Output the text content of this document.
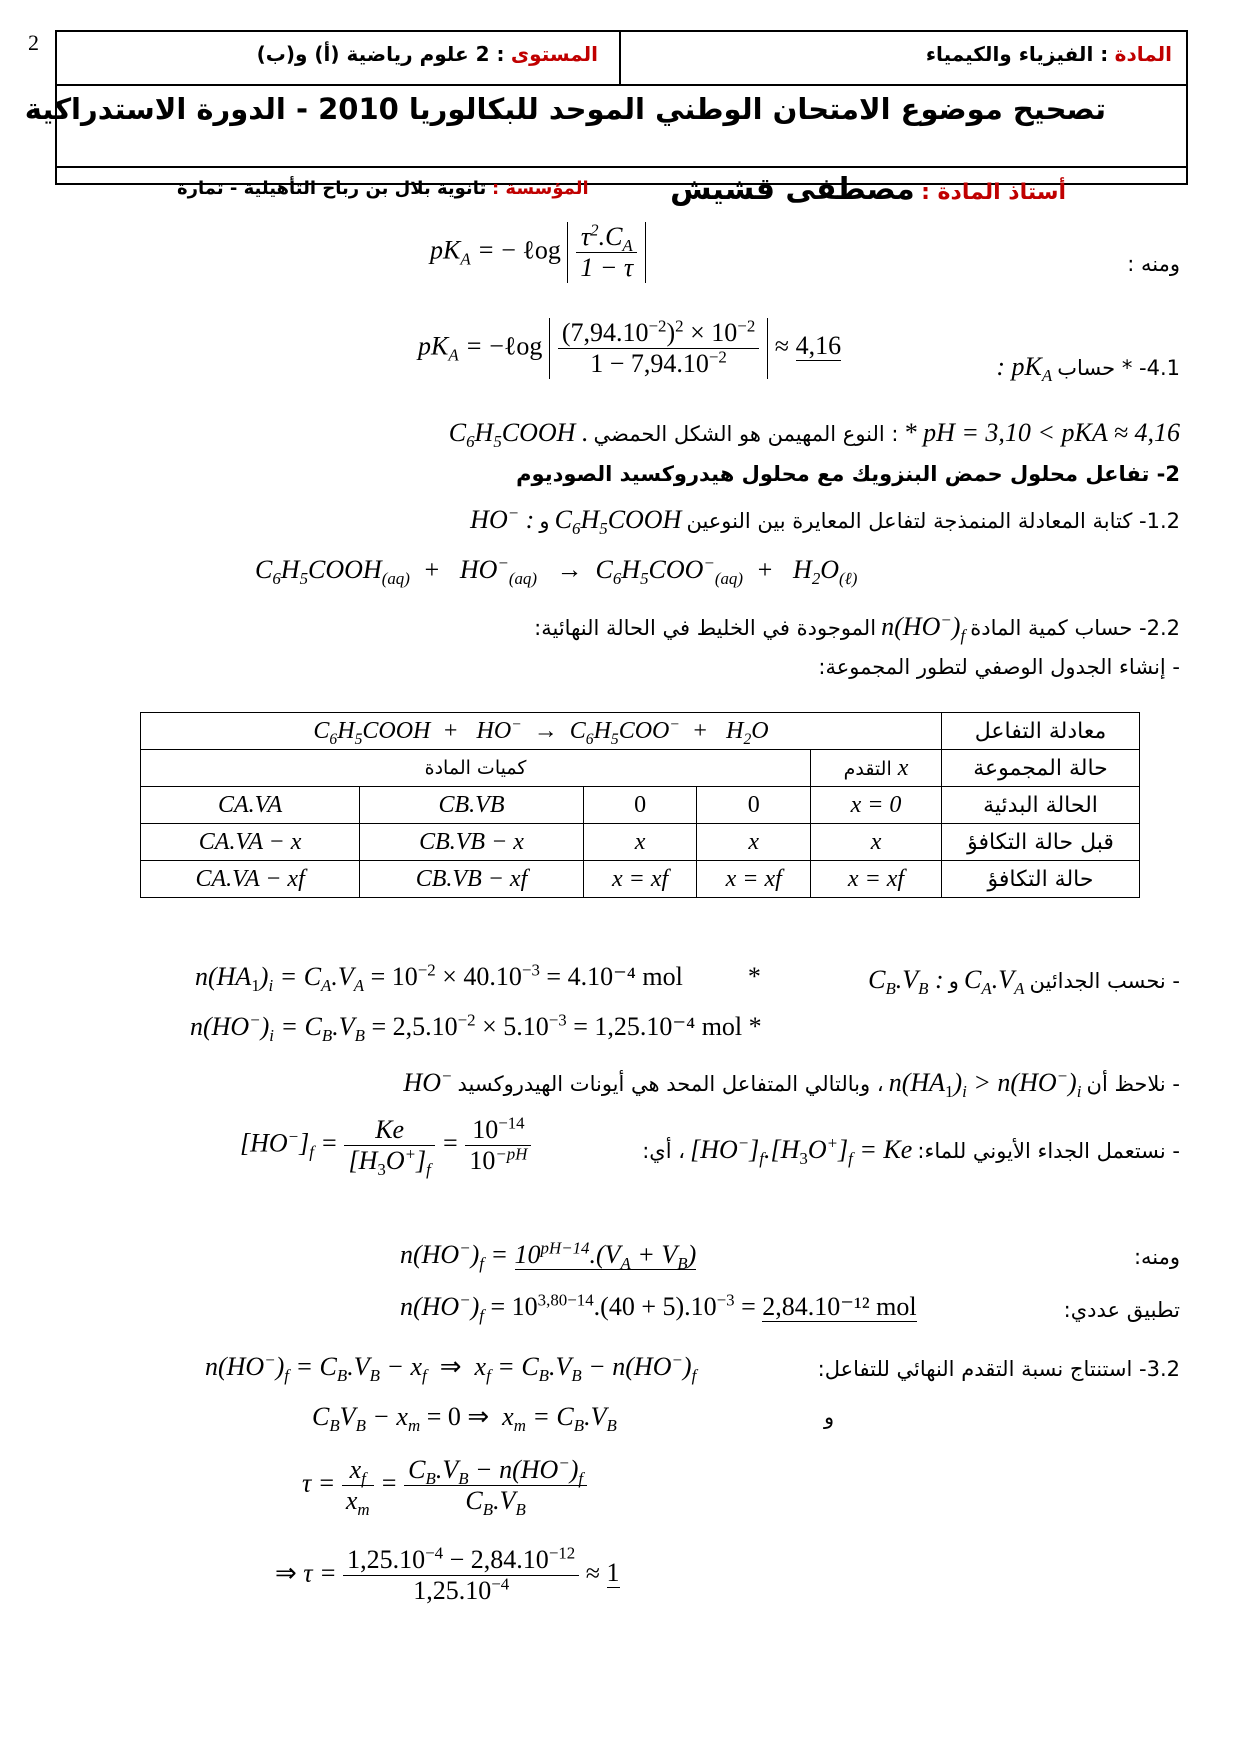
2	المادة : الفيزياء والكيمياء
المستوى : 2 علوم رياضية (أ) و(ب)
تصحيح موضوع الامتحان الوطني الموحد للبكالوريا 2010 - الدورة الاستدراكية
أستاذ المادة : مصطفى قشيش
المؤسسة : ثانوية بلال بن رباح التأهيلية - تمارة
ومنه :
$pK_A$ = − ℓog $\frac{\tau^2.C_A}{1 - \tau}$
$pK_A$ = −ℓog $\frac{(7,94.10^{-2})^2 \times 10^{-2}}{1 - 7,94.10^{-2}} \approx 4,16$
4.1- * حساب : $pK_A$
* pH = 3,10 < pKA ≈ 4,16 : النوع المهيمن هو الشكل الحمضي $C_6H_5COOH$ .
2- تفاعل محلول حمض البنزويك مع محلول هيدروكسيد الصوديوم
1.2- كتابة المعادلة المنمذجة لتفاعل المعايرة بين النوعين $C_6H_5COOH$ و HO− :
$C_6H_5COOH_{(aq)} + HO^-_{(aq)} \to C_6H_5COO^-_{(aq)} + H_2O_{(\ell)}$
2.2- حساب كمية المادة $n(HO^-)_f$ الموجودة في الخليط في الحالة النهائية:
- إنشاء الجدول الوصفي لتطور المجموعة:
$C_6H_5COOH + HO^- \to C_6H_5COO^- + H_2O$					معادلة التفاعل
كميات المادة				التقدم x	حالة المجموعة
CA.VA	CB.VB	0	0	x = 0	الحالة البدئية
CA.VA − x	CB.VB − x	x	x	x	قبل حالة التكافؤ
CA.VA − xf	CB.VB − xf	x = xf	x = xf	x = xf	حالة التكافؤ
- نحسب الجدائين $C_A.V_A$ و $C_B.V_B$ :
$n(HA_1)_i = C_A.V_A = 10^{-2} \times 40.10^{-3} = 4.10^{-4}$ mol	*
$n(HO^-)_i = C_B.V_B = 2,5.10^{-2} \times 5.10^{-3} = 1,25.10^{-4}$ mol *
- نلاحظ أن $n(HA_1)_i > n(HO^-)_i$ ، وبالتالي المتفاعل المحد هي أيونات الهيدروكسيد HO−
- نستعمل الجداء الأيوني للماء: $[HO^-]_f.[H_3O^+]_f = Ke$ ، أي:
$[HO^-]_f = \frac{Ke}{[H_3O^+]_f} = \frac{10^{-14}}{10^{-pH}}$
ومنه:
$n(HO^-)_f = 10^{pH-14}.(V_A + V_B)$
تطبيق عددي:
$n(HO^-)_f = 10^{3,80-14}.(40 + 5).10^{-3} = 2,84.10^{-12}$ mol
3.2- استنتاج نسبة التقدم النهائي للتفاعل:
$n(HO^-)_f = C_B.V_B - x_f$ ⇒  $x_f = C_B.V_B - n(HO^-)_f$
و
$C_BV_B - x_m = 0$ ⇒  $x_m = C_B.V_B$
$\tau = \frac{x_f}{x_m} = \frac{C_B.V_B - n(HO^-)_f}{C_B.V_B}$
⇒ $\tau = \frac{1,25.10^{-4} - 2,84.10^{-12}}{1,25.10^{-4}} \approx 1$
